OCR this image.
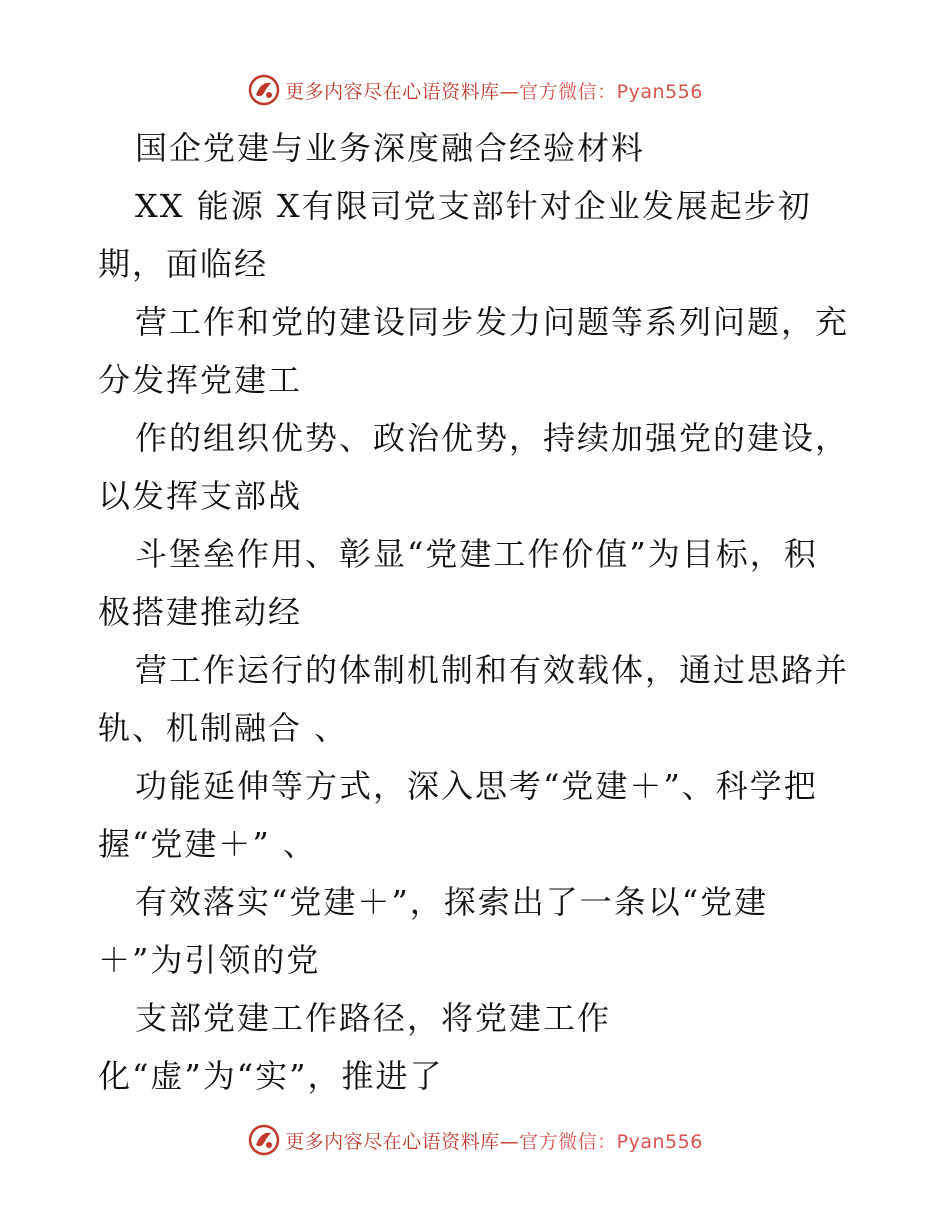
更多内容尽在心语资料库—官方微信：Pyan556
国企党建与业务深度融合经验材料
XX 能源 X有限司党支部针对企业发展起步初
期，面临经
营工作和党的建设同步发力问题等系列问题，充
分发挥党建工
作的组织优势、政治优势，持续加强党的建设，
以发挥支部战
斗堡垒作用、彰显“党建工作价值”为目标，积
极搭建推动经
营工作运行的体制机制和有效载体，通过思路并
轨、机制融合 、
功能延伸等方式，深入思考“党建＋”、科学把
握“党建＋” 、
有效落实“党建＋”，探索出了一条以“党建
＋”为引领的党
支部党建工作路径，将党建工作
化“虚”为“实”，推进了
更多内容尽在心语资料库—官方微信：Pyan556
